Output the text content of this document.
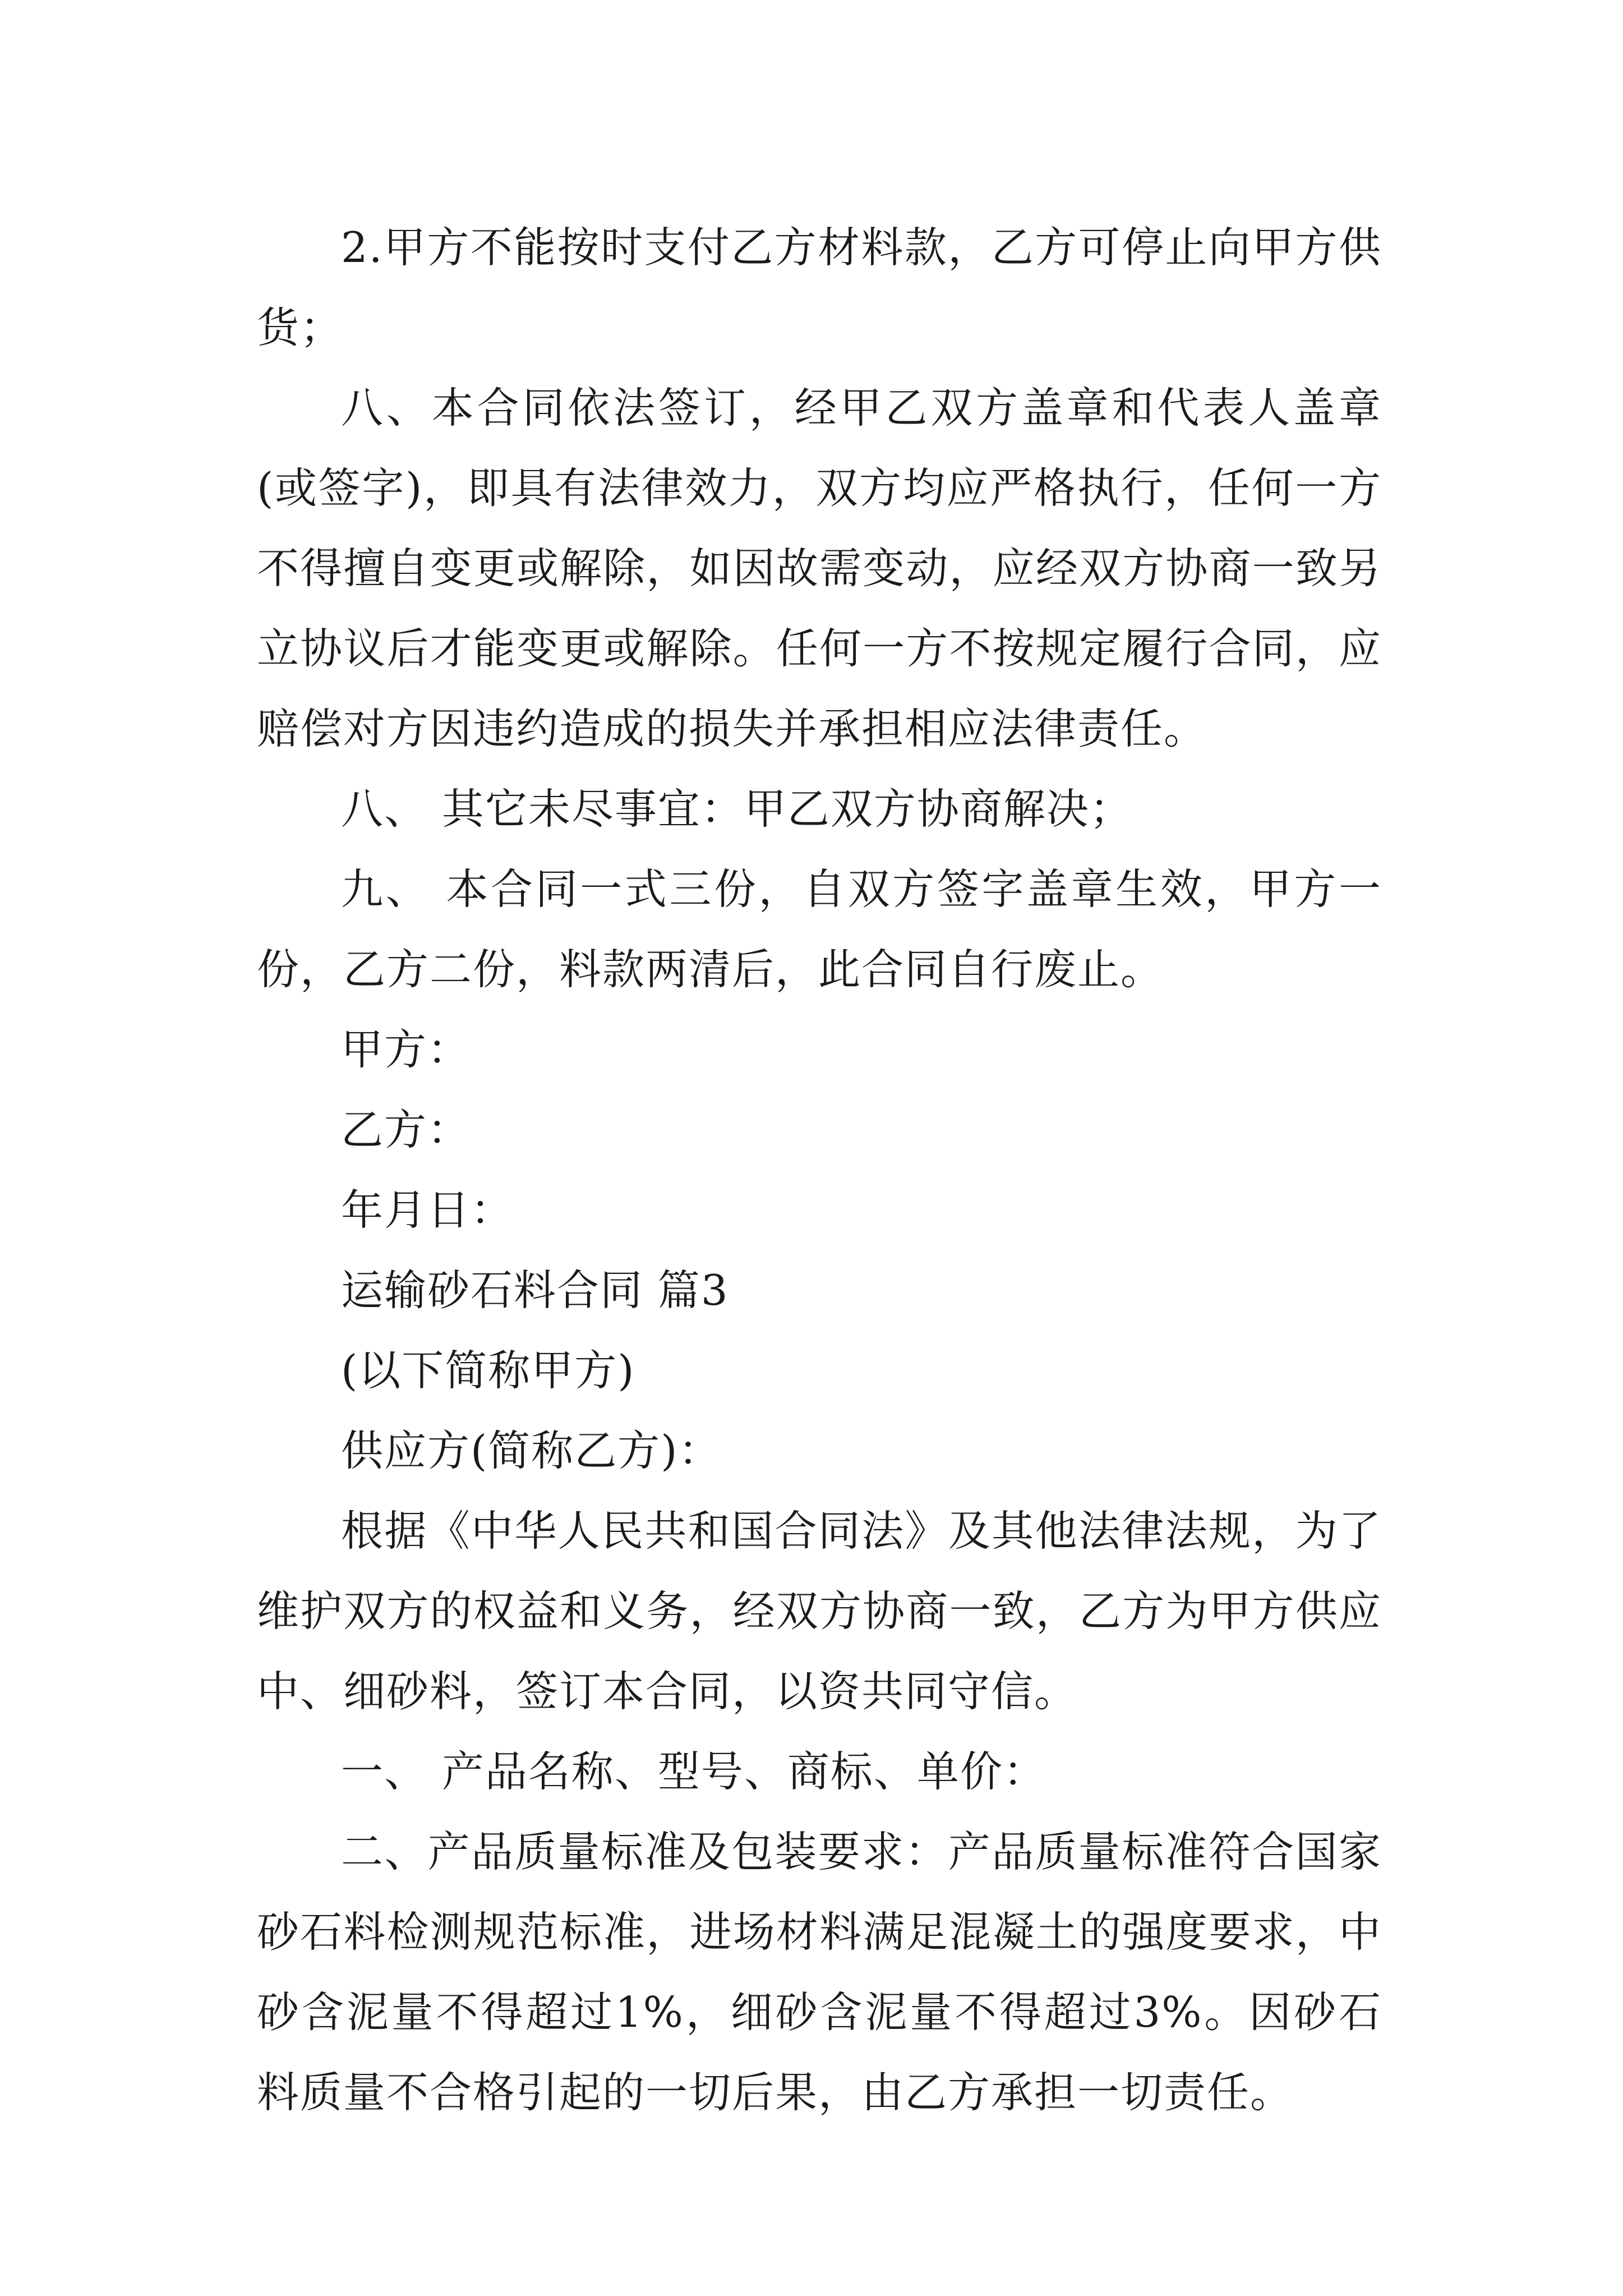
2.甲方不能按时支付乙方材料款，乙方可停止向甲方供货；

八、本合同依法签订，经甲乙双方盖章和代表人盖章(或签字)，即具有法律效力，双方均应严格执行，任何一方不得擅自变更或解除，如因故需变动，应经双方协商一致另立协议后才能变更或解除。任何一方不按规定履行合同，应赔偿对方因违约造成的损失并承担相应法律责任。

八、 其它未尽事宜：甲乙双方协商解决；

九、 本合同一式三份，自双方签字盖章生效，甲方一份，乙方二份，料款两清后，此合同自行废止。

甲方：

乙方：

年月日：

运输砂石料合同 篇3

(以下简称甲方)

供应方(简称乙方)：

根据《中华人民共和国合同法》及其他法律法规，为了维护双方的权益和义务，经双方协商一致，乙方为甲方供应中、细砂料，签订本合同，以资共同守信。

一、 产品名称、型号、商标、单价：

二、产品质量标准及包装要求：产品质量标准符合国家砂石料检测规范标准，进场材料满足混凝土的强度要求，中砂含泥量不得超过1%，细砂含泥量不得超过3%。因砂石料质量不合格引起的一切后果，由乙方承担一切责任。
